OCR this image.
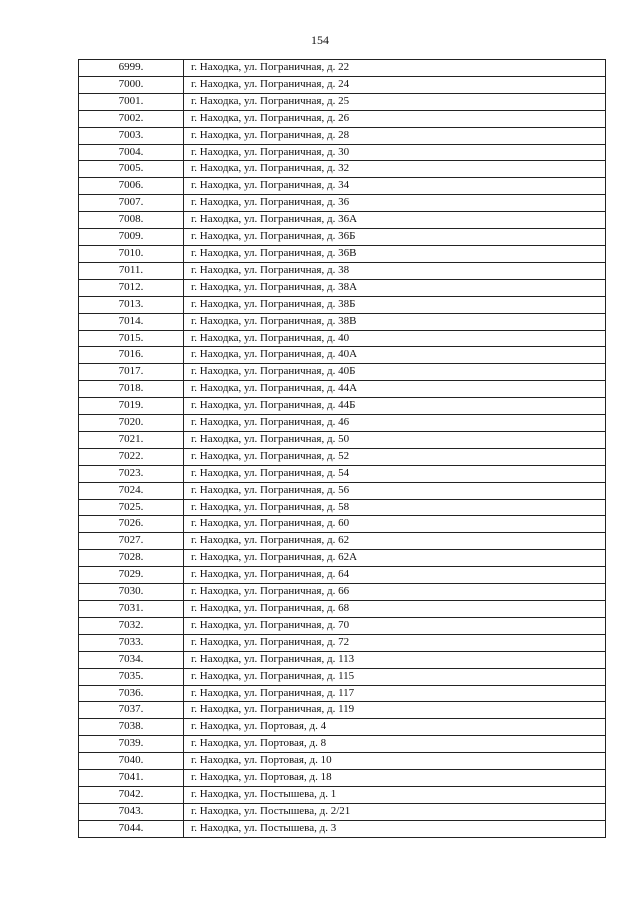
154
6999.	г. Находка, ул. Пограничная, д. 22
7000.	г. Находка, ул. Пограничная, д. 24
7001.	г. Находка, ул. Пограничная, д. 25
7002.	г. Находка, ул. Пограничная, д. 26
7003.	г. Находка, ул. Пограничная, д. 28
7004.	г. Находка, ул. Пограничная, д. 30
7005.	г. Находка, ул. Пограничная, д. 32
7006.	г. Находка, ул. Пограничная, д. 34
7007.	г. Находка, ул. Пограничная, д. 36
7008.	г. Находка, ул. Пограничная, д. 36А
7009.	г. Находка, ул. Пограничная, д. 36Б
7010.	г. Находка, ул. Пограничная, д. 36В
7011.	г. Находка, ул. Пограничная, д. 38
7012.	г. Находка, ул. Пограничная, д. 38А
7013.	г. Находка, ул. Пограничная, д. 38Б
7014.	г. Находка, ул. Пограничная, д. 38В
7015.	г. Находка, ул. Пограничная, д. 40
7016.	г. Находка, ул. Пограничная, д. 40А
7017.	г. Находка, ул. Пограничная, д. 40Б
7018.	г. Находка, ул. Пограничная, д. 44А
7019.	г. Находка, ул. Пограничная, д. 44Б
7020.	г. Находка, ул. Пограничная, д. 46
7021.	г. Находка, ул. Пограничная, д. 50
7022.	г. Находка, ул. Пограничная, д. 52
7023.	г. Находка, ул. Пограничная, д. 54
7024.	г. Находка, ул. Пограничная, д. 56
7025.	г. Находка, ул. Пограничная, д. 58
7026.	г. Находка, ул. Пограничная, д. 60
7027.	г. Находка, ул. Пограничная, д. 62
7028.	г. Находка, ул. Пограничная, д. 62А
7029.	г. Находка, ул. Пограничная, д. 64
7030.	г. Находка, ул. Пограничная, д. 66
7031.	г. Находка, ул. Пограничная, д. 68
7032.	г. Находка, ул. Пограничная, д. 70
7033.	г. Находка, ул. Пограничная, д. 72
7034.	г. Находка, ул. Пограничная, д. 113
7035.	г. Находка, ул. Пограничная, д. 115
7036.	г. Находка, ул. Пограничная, д. 117
7037.	г. Находка, ул. Пограничная, д. 119
7038.	г. Находка, ул. Портовая, д. 4
7039.	г. Находка, ул. Портовая, д. 8
7040.	г. Находка, ул. Портовая, д. 10
7041.	г. Находка, ул. Портовая, д. 18
7042.	г. Находка, ул. Постышева, д. 1
7043.	г. Находка, ул. Постышева, д. 2/21
7044.	г. Находка, ул. Постышева, д. 3
